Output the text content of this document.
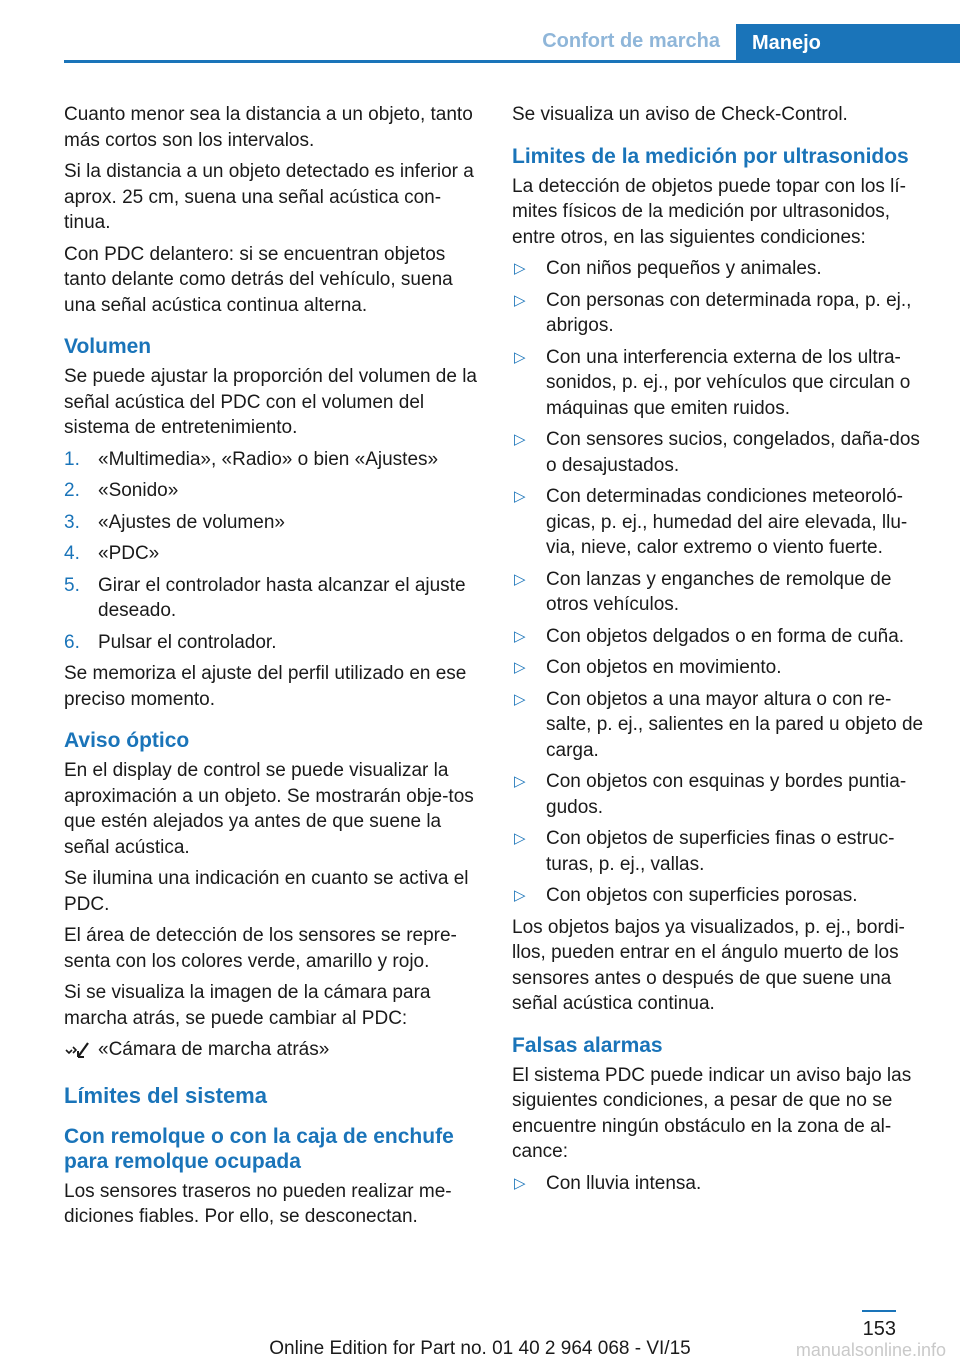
Confort de marcha	Manejo

Cuanto menor sea la distancia a un objeto, tanto más cortos son los intervalos.

Si la distancia a un objeto detectado es inferior a aprox. 25 cm, suena una señal acústica con‐tinua.

Con PDC delantero: si se encuentran objetos tanto delante como detrás del vehículo, suena una señal acústica continua alterna.

Volumen

Se puede ajustar la proporción del volumen de la señal acústica del PDC con el volumen del sistema de entretenimiento.

1. «Multimedia», «Radio» o bien «Ajustes»
2. «Sonido»
3. «Ajustes de volumen»
4. «PDC»
5. Girar el controlador hasta alcanzar el ajuste deseado.
6. Pulsar el controlador.

Se memoriza el ajuste del perfil utilizado en ese preciso momento.

Aviso óptico

En el display de control se puede visualizar la aproximación a un objeto. Se mostrarán obje‐tos que estén alejados ya antes de que suene la señal acústica.

Se ilumina una indicación en cuanto se activa el PDC.

El área de detección de los sensores se repre‐senta con los colores verde, amarillo y rojo.

Si se visualiza la imagen de la cámara para marcha atrás, se puede cambiar al PDC:

«Cámara de marcha atrás»
Límites del sistema
Con remolque o con la caja de enchufe para remolque ocupada

Los sensores traseros no pueden realizar me‐diciones fiables. Por ello, se desconectan.

Se visualiza un aviso de Check-Control.

Limites de la medición por ultrasonidos

La detección de objetos puede topar con los lí‐mites físicos de la medición por ultrasonidos, entre otros, en las siguientes condiciones:

▷ Con niños pequeños y animales.
▷ Con personas con determinada ropa, p. ej., abrigos.
▷ Con una interferencia externa de los ultra‐sonidos, p. ej., por vehículos que circulan o máquinas que emiten ruidos.
▷ Con sensores sucios, congelados, daña‐dos o desajustados.
▷ Con determinadas condiciones meteoroló‐gicas, p. ej., humedad del aire elevada, llu‐via, nieve, calor extremo o viento fuerte.
▷ Con lanzas y enganches de remolque de otros vehículos.
▷ Con objetos delgados o en forma de cuña.
▷ Con objetos en movimiento.
▷ Con objetos a una mayor altura o con re‐salte, p. ej., salientes en la pared u objeto de carga.
▷ Con objetos con esquinas y bordes puntia‐gudos.
▷ Con objetos de superficies finas o estruc‐turas, p. ej., vallas.
▷ Con objetos con superficies porosas.

Los objetos bajos ya visualizados, p. ej., bordi‐llos, pueden entrar en el ángulo muerto de los sensores antes o después de que suene una señal acústica continua.

Falsas alarmas

El sistema PDC puede indicar un aviso bajo las siguientes condiciones, a pesar de que no se encuentre ningún obstáculo en la zona de al‐cance:

▷ Con lluvia intensa.
153
Online Edition for Part no. 01 40 2 964 068 - VI/15	manualsonline.info
